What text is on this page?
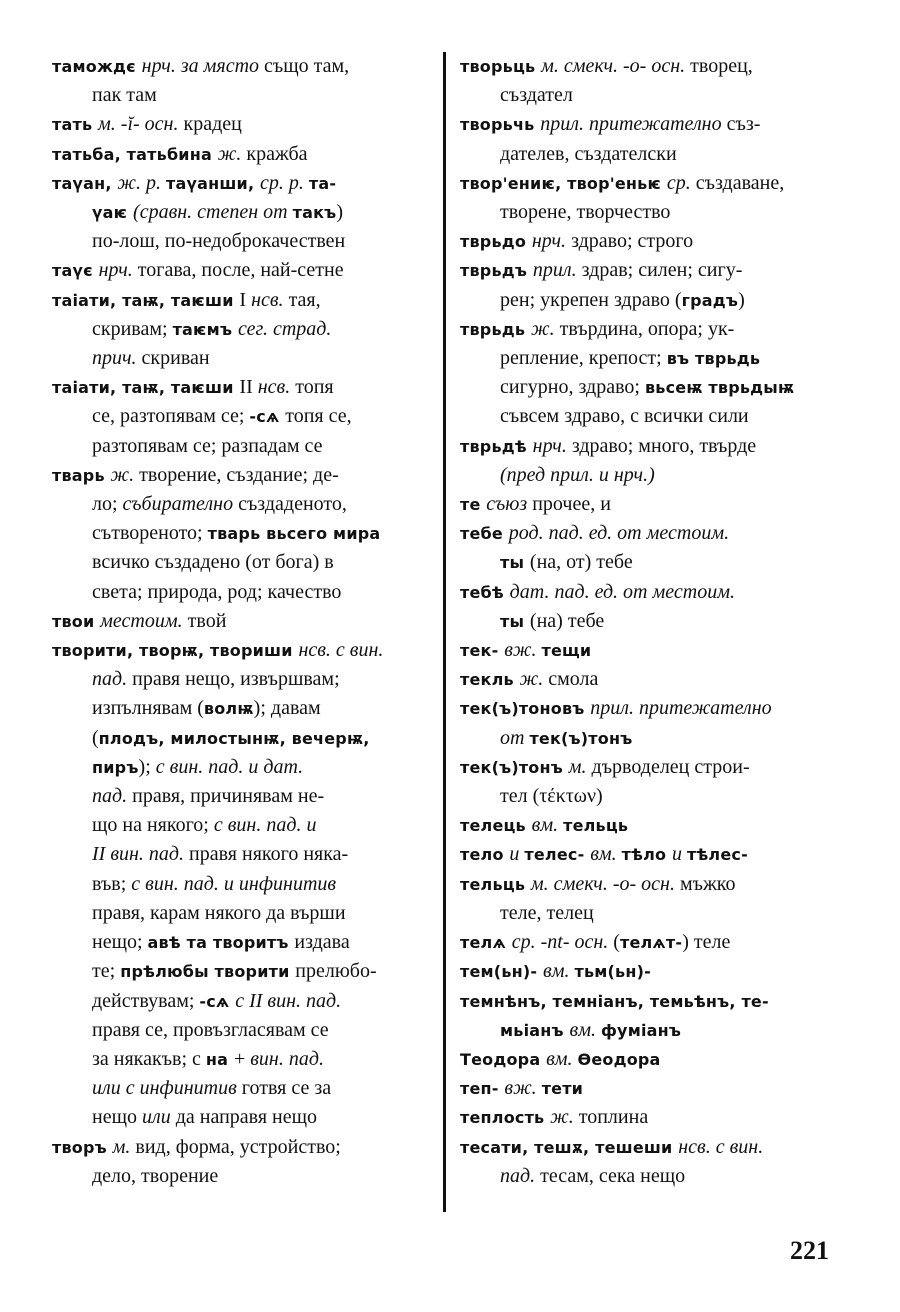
тамождє нрч. за място също там,
пак там
тать м. -ĭ- осн. крадец
татьба, татьбина ж. кражба
таүан, ж. р. таүанши, ср. р. та-
үаѥ (сравн. степен от такъ)
по-лош, по-недоброкачествен
таүє нрч. тогава, после, най-сетне
таіати, таѭ, таѥши I нсв. тая,
скривам; таѥмъ сег. страд.
прич. скриван
таіати, таѭ, таѥши II нсв. топя
се, разтопявам се; -сѧ топя се,
разтопявам се; разпадам се
тварь ж. творение, създание; де-
ло; събирателно създаденото,
сътвореното; тварь вьсего мира
всичко създадено (от бога) в
света; природа, род; качество
твои местоим. твой
творити, творѭ, твориши нсв. с вин.
пад. правя нещо, извършвам;
изпълнявам (волѭ); давам
(плодъ, милостынѭ, вечерѭ,
пиръ); с вин. пад. и дат.
пад. правя, причинявам не-
що на някого; с вин. пад. и
II вин. пад. правя някого няка-
във; с вин. пад. и инфинитив
правя, карам някого да върши
нещо; авѣ та творитъ издава
те; прѣлюбы творити прелюбо-
действувам; -сѧ с II вин. пад.
правя се, провъзгласявам се
за някакъв; с на + вин. пад.
или с инфинитив готвя се за
нещо или да направя нещо
творъ м. вид, форма, устройство;
дело, творение
творьць м. смекч. -о- осн. творец,
създател
творьчь прил. притежателно съз-
дателев, създателски
твор'ениѥ, твор'еньѥ ср. създаване,
творене, творчество
тврьдо нрч. здраво; строго
тврьдъ прил. здрав; силен; сигу-
рен; укрепен здраво (градъ)
тврьдь ж. твърдина, опора; ук-
репление, крепост; въ тврьдь
сигурно, здраво; вьсеѭ тврьдыѭ
съвсем здраво, с всички сили
тврьдѣ нрч. здраво; много, твърде
(пред прил. и нрч.)
те съюз прочее, и
тебе род. пад. ед. от местоим.
ты (на, от) тебе
тебѣ дат. пад. ед. от местоим.
ты (на) тебе
тек- вж. тещи
текль ж. смола
тек(ъ)тоновъ прил. притежателно
от тек(ъ)тонъ
тек(ъ)тонъ м. дърводелец строи-
тел (τέκτων)
телець вм. тельць
тело и телес- вм. тѣло и тѣлес-
тельць м. смекч. -о- осн. мъжко
теле, телец
телѧ ср. -nt- осн. (телѧт-) теле
тем(ьн)- вм. тьм(ьн)-
темнѣнъ, темніанъ, темьѣнъ, те-
мьіанъ вм. фуміанъ
Теодора вм. Ѳеодора
теп- вж. тети
теплость ж. топлина
тесати, тешѫ, тешеши нсв. с вин.
пад. тесам, сека нещо
221
